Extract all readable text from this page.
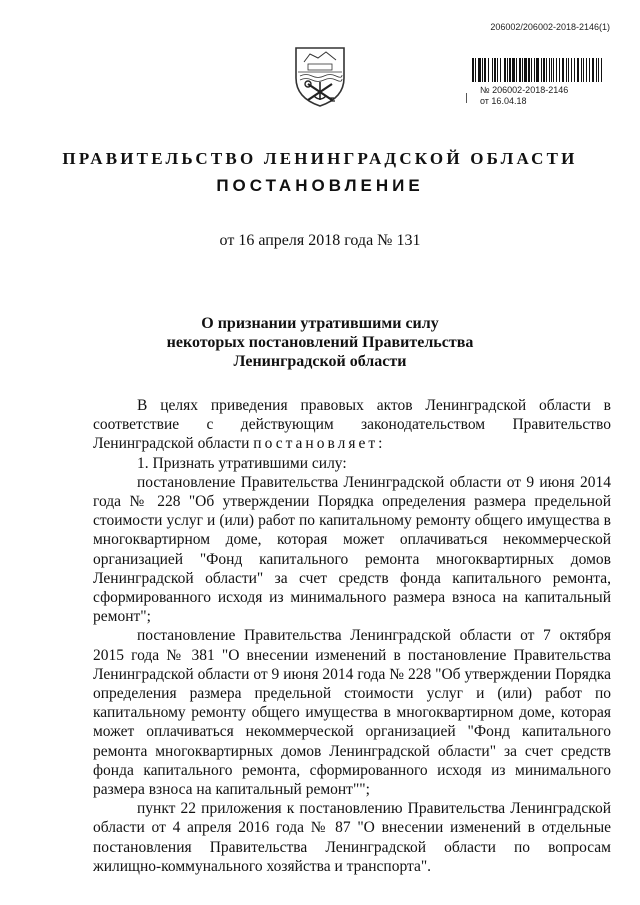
206002/206002-2018-2146(1)
№ 206002-2018-2146
от 16.04.18
ПРАВИТЕЛЬСТВО ЛЕНИНГРАДСКОЙ ОБЛАСТИ
ПОСТАНОВЛЕНИЕ
от 16 апреля 2018 года № 131
О признании утратившими силу
некоторых постановлений Правительства
Ленинградской области

В целях приведения правовых актов Ленинградской области в соответствие с действующим законодательством Правительство Ленинградской области постановляет:

1. Признать утратившими силу:

постановление Правительства Ленинградской области от 9 июня 2014 года № 228 "Об утверждении Порядка определения размера предельной стоимости услуг и (или) работ по капитальному ремонту общего имущества в многоквартирном доме, которая может оплачиваться некоммерческой организацией "Фонд капитального ремонта многоквартирных домов Ленинградской области" за счет средств фонда капитального ремонта, сформированного исходя из минимального размера взноса на капитальный ремонт";

постановление Правительства Ленинградской области от 7 октября 2015 года № 381 "О внесении изменений в постановление Правительства Ленинградской области от 9 июня 2014 года № 228 "Об утверждении Порядка определения размера предельной стоимости услуг и (или) работ по капитальному ремонту общего имущества в многоквартирном доме, которая может оплачиваться некоммерческой организацией "Фонд капитального ремонта многоквартирных домов Ленинградской области" за счет средств фонда капитального ремонта, сформированного исходя из минимального размера взноса на капитальный ремонт"";

пункт 22 приложения к постановлению Правительства Ленинградской области от 4 апреля 2016 года № 87 "О внесении изменений в отдельные постановления Правительства Ленинградской области по вопросам жилищно-коммунального хозяйства и транспорта".
